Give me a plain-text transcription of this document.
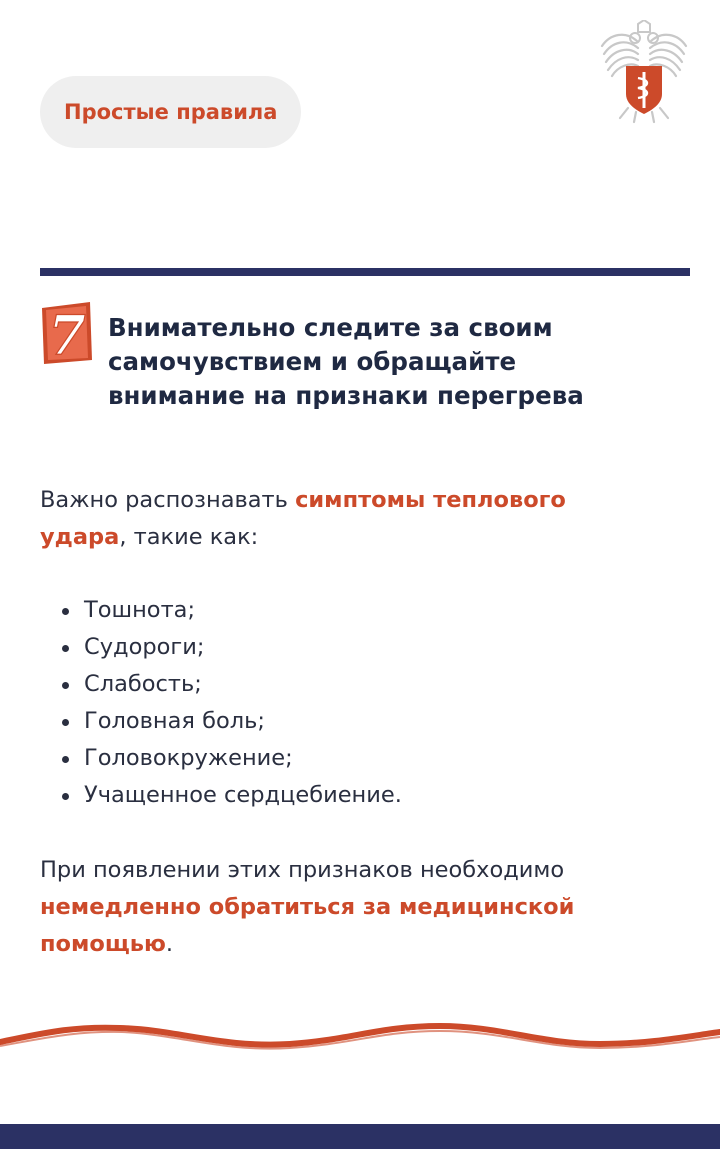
Простые правила
7 Внимательно следите за своим
самочувствием и обращайте
внимание на признаки перегрева

Важно распознавать симптомы теплового
удара, такие как:

Тошнота;
Судороги;
Слабость;
Головная боль;
Головокружение;
Учащенное сердцебиение.

При появлении этих признаков необходимо
немедленно обратиться за медицинской
помощью.
